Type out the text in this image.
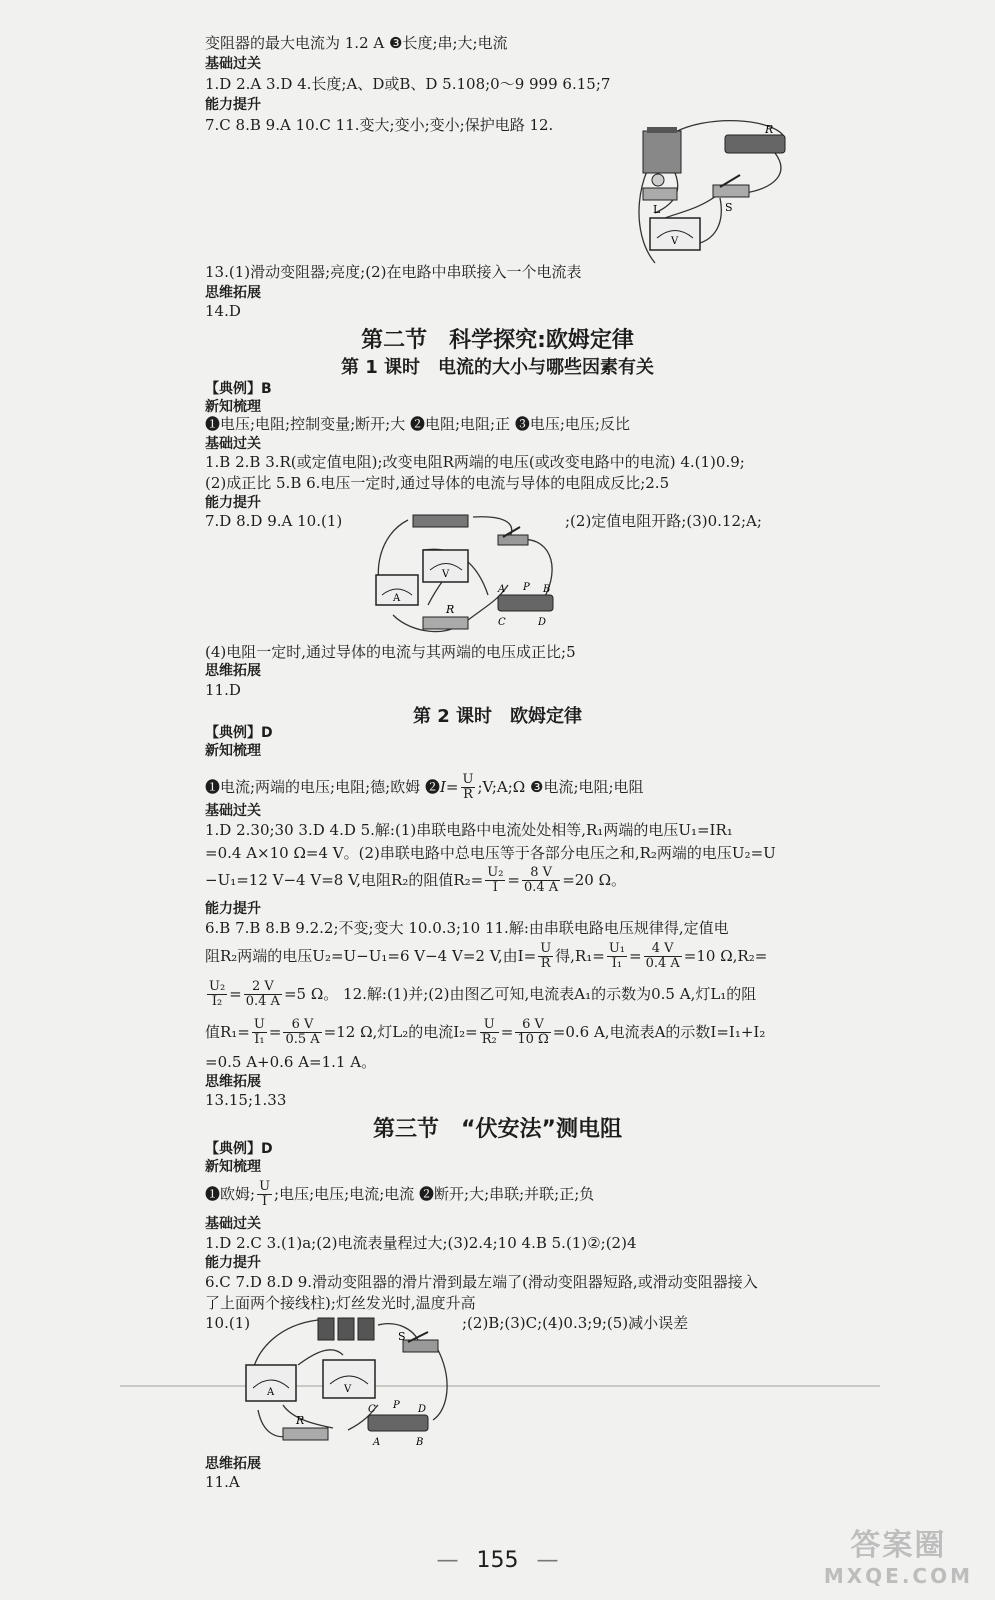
变阻器的最大电流为 1.2 A ❸长度;串;大;电流
基础过关
1.D 2.A 3.D 4.长度;A、D或B、D 5.108;0～9 999 6.15;7
能力提升
7.C 8.B 9.A 10.C 11.变大;变小;变小;保护电路 12.	R
L	S
V
13.(1)滑动变阻器;亮度;(2)在电路中串联接入一个电流表
思维拓展
14.D
第二节　科学探究:欧姆定律
第 1 课时　电流的大小与哪些因素有关
【典例】B
新知梳理
❶电压;电阻;控制变量;断开;大 ❷电阻;电阻;正 ❸电压;电压;反比
基础过关
1.B 2.B 3.R(或定值电阻);改变电阻R两端的电压(或改变电路中的电流) 4.(1)0.9;
(2)成正比 5.B 6.电压一定时,通过导体的电流与导体的电阻成反比;2.5
能力提升
7.D 8.D 9.A 10.(1)	;(2)定值电阻开路;(3)0.12;A;
V
A
R
A P B
C	D
(4)电阻一定时,通过导体的电流与其两端的电压成正比;5
思维拓展
11.D
第 2 课时　欧姆定律
【典例】D
新知梳理
❶电流;两端的电压;电阻;德;欧姆 ❷ $I= \frac{U}{R}$ ;V;A;Ω ❸电流;电阻;电阻
基础过关
1.D 2.30;30 3.D 4.D 5.解:(1)串联电路中电流处处相等,R₁两端的电压U₁=IR₁
=0.4 A×10 Ω=4 V。(2)串联电路中总电压等于各部分电压之和,R₂两端的电压U₂=U
−U₁=12 V−4 V=8 V,电阻R₂的阻值$R_2= \frac{\text{U₂}}{I} = \frac{8 V}{0.4 A} =20$ Ω。
能力提升
6.B 7.B 8.B 9.2.2;不变;变大 10.0.3;10 11.解:由串联电路电压规律得,定值电
阻R₂两端的电压U₂=U−U₁=6 V−4 V=2 V,由$I= \frac{U}{R}$ 得$,R_1= \frac{\text{U₁}}{\text{I₁}} = \frac{4 V}{0.4 A} =10$ Ω,R₂=
$\frac{\text{U₂}}{\text{I₂}} = \frac{2 V}{0.4 A} =5$ Ω。 12.解:(1)并;(2)由图乙可知,电流表A₁的示数为0.5 A,灯L₁的阻
值$R_1= \frac{U}{\text{I₁}} = \frac{6 V}{0.5 A} =12$ Ω,灯L₂的电流$I_2= \frac{U}{\text{R₂}} = \frac{6 V}{10 \Omega} =0.6$ A,电流表A的示数I=I₁+I₂
=0.5 A+0.6 A=1.1 A。
思维拓展
13.15;1.33
第三节　“伏安法”测电阻
【典例】D
新知梳理
❶欧姆; $\frac{U}{I}$ ;电压;电压;电流;电流 ❷断开;大;串联;并联;正;负
基础过关
1.D 2.C 3.(1)a;(2)电流表量程过大;(3)2.4;10 4.B 5.(1)②;(2)4
能力提升
6.C 7.D 8.D 9.滑动变阻器的滑片滑到最左端了(滑动变阻器短路,或滑动变阻器接入
了上面两个接线柱);灯丝发光时,温度升高
10.(1)	;(2)B;(3)C;(4)0.3;9;(5)减小误差
S
A	V
R
C P D
A	B
思维拓展
11.A
— 155 —	答案圈
MXQE.COM
